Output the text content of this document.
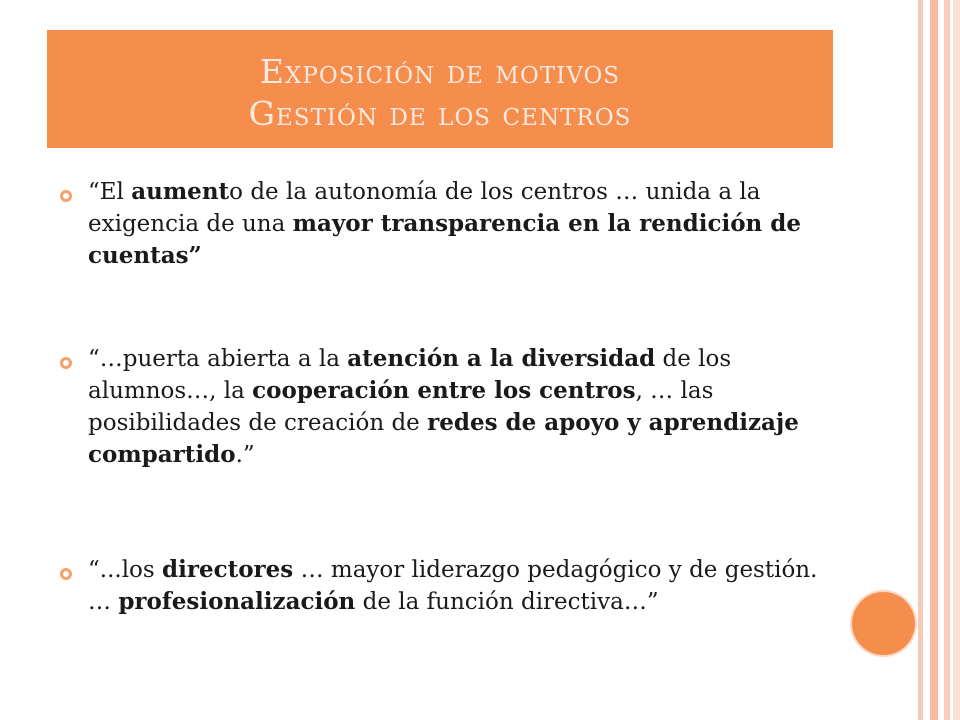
Exposición de motivos
Gestión de los centros
“El aumento de la autonomía de los centros … unida a la exigencia de una mayor transparencia en la rendición de cuentas”
“…puerta abierta a la atención a la diversidad de los alumnos…, la cooperación entre los centros, … las posibilidades de creación de redes de apoyo y aprendizaje compartido.”
“...los directores … mayor liderazgo pedagógico y de gestión. … profesionalización de la función directiva…”
